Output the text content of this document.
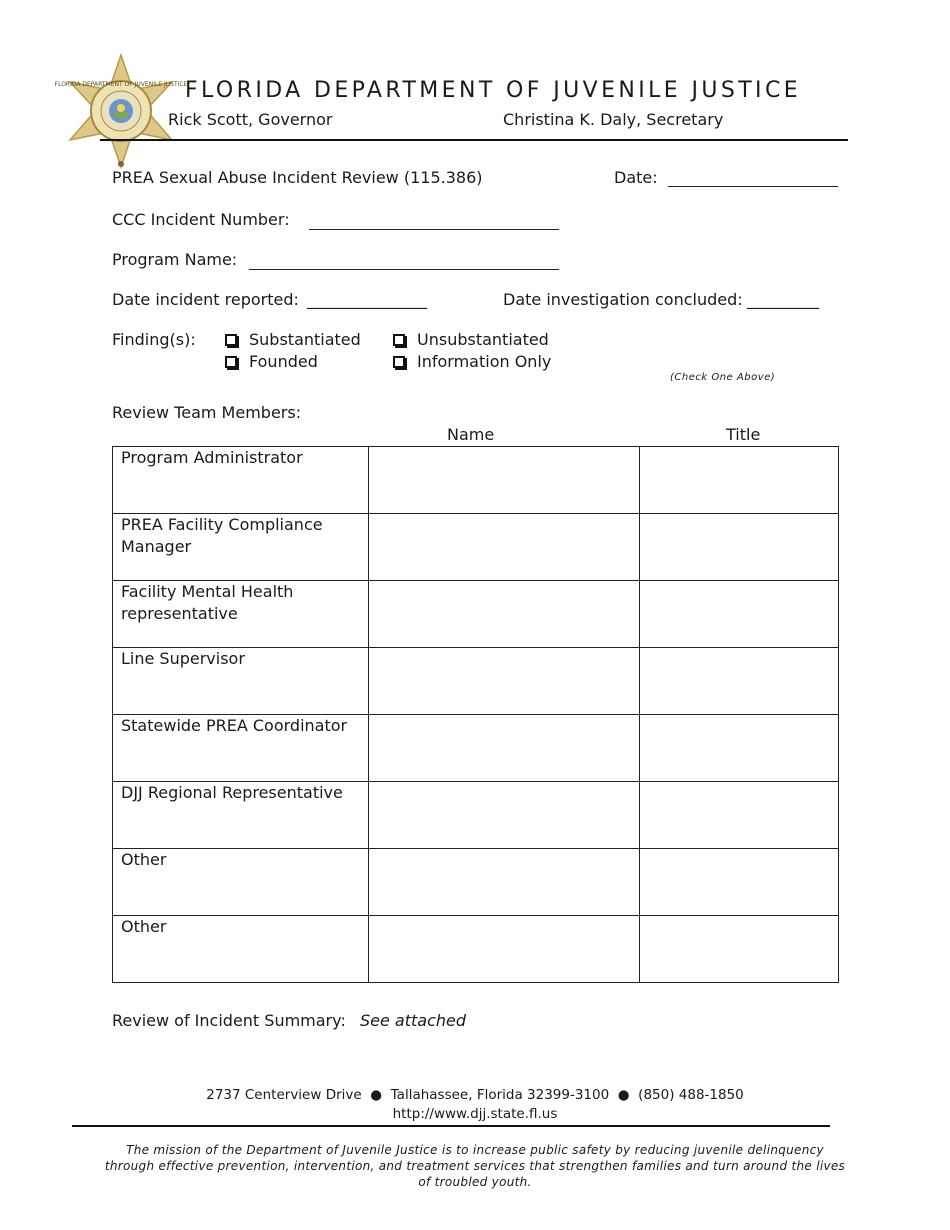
FLORIDA DEPARTMENT OF JUVENILE JUSTICE
FLORIDA DEPARTMENT OF JUVENILE JUSTICE
Rick Scott, Governor	Christina K. Daly, Secretary
PREA Sexual Abuse Incident Review (115.386)	Date:
CCC Incident Number:
Program Name:
Date incident reported: _______________	Date investigation concluded: _________
Finding(s):	Substantiated	Unsubstantiated
Founded	Information Only
(Check One Above)
Review Team Members:
Name	Title
Program Administrator		

PREA Facility Compliance Manager		

Facility Mental Health representative		

Line Supervisor		

Statewide PREA Coordinator		

DJJ Regional Representative		

Other		

Other		

Review of Incident Summary: See attached
2737 Centerview Drive  ●  Tallahassee, Florida 32399-3100  ●  (850) 488-1850
http://www.djj.state.fl.us
The mission of the Department of Juvenile Justice is to increase public safety by reducing juvenile delinquency through effective prevention, intervention, and treatment services that strengthen families and turn around the lives of troubled youth.
